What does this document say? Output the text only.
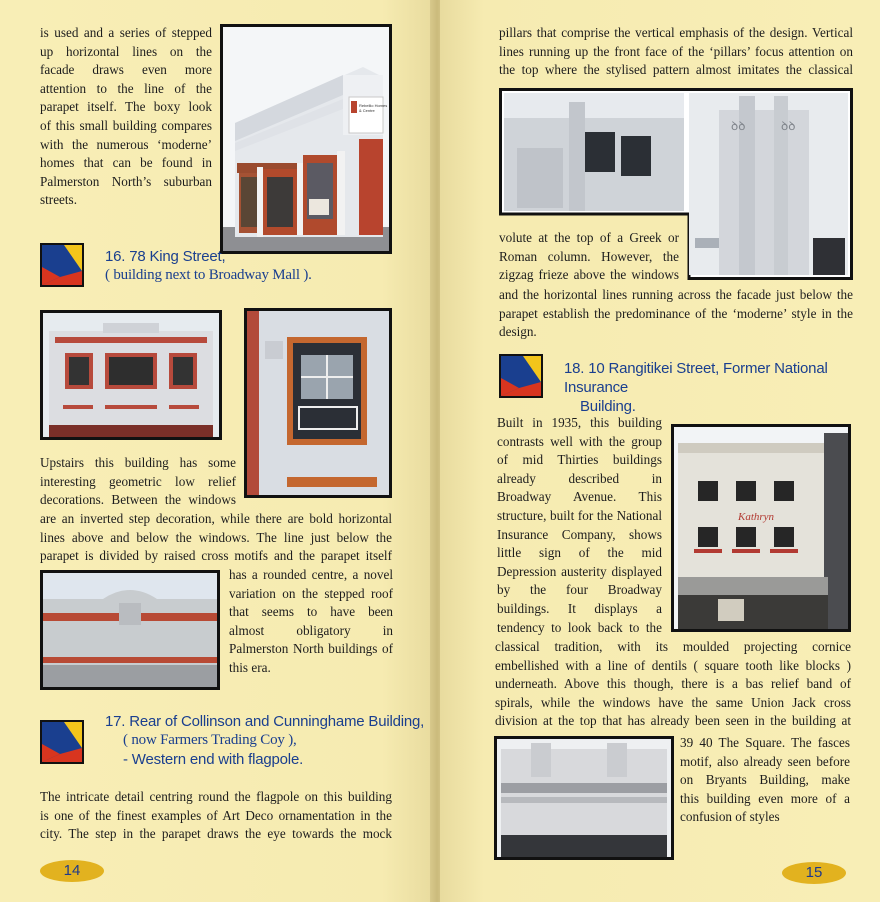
is used and a series of stepped
up horizontal lines on the
facade draws even more
attention to the line of the
parapet itself. The boxy look
of this small building compares
with the numerous ‘moderne’
homes that can be found in
Palmerston North’s suburban
streets.
Rebellio Homes & Centre
16. 78 King Street,
( building next to Broadway Mall ).
Upstairs this building has some
interesting geometric low relief
decorations. Between the windows
are an inverted step decoration, while there are bold horizontal
lines above and below the windows. The line just below the
parapet is divided by raised cross motifs and the parapet itself
has a rounded centre, a novel
variation on the stepped roof
that seems to have been
almost obligatory in
Palmerston North buildings of
this era.
17. Rear of Collinson and Cunninghame Building,
( now Farmers Trading Coy ),
- Western end with flagpole.
The intricate detail centring round the flagpole on this building
is one of the finest examples of Art Deco ornamentation in the
city. The step in the parapet draws the eye towards the mock
14
pillars that comprise the vertical emphasis of the design. Vertical
lines running up the front face of the ‘pillars’ focus attention on
the top where the stylised pattern almost imitates the classical
ꝺꝺ	ꝺꝺ
volute at the top of a Greek or
Roman column. However, the
zigzag frieze above the windows
and the horizontal lines running across the facade just below the
parapet establish the predominance of the ‘moderne’ style in the
design.
18. 10 Rangitikei Street, Former National Insurance
Building.
Built in 1935, this building
contrasts well with the group
of mid Thirties buildings
already described in
Broadway Avenue. This
structure, built for the National
Insurance Company, shows
little sign of the mid
Depression austerity displayed
by the four Broadway
buildings. It displays a
tendency to look back to the
Kathryn
classical tradition, with its moulded projecting cornice
embellished with a line of dentils ( square tooth like blocks )
underneath. Above this though, there is a bas relief band of
spirals, while the windows have the same Union Jack cross
division at the top that has already been seen in the building at
39 40 The Square. The fasces
motif, also already seen before
on Bryants Building, make
this building even more of a
confusion of styles
15
